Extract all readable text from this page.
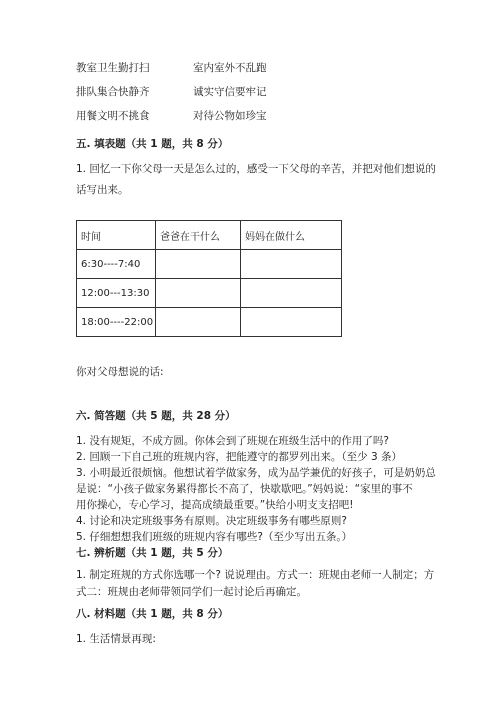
教室卫生勤打扫	室内室外不乱跑
排队集合快静齐	诚实守信要牢记
用餐文明不挑食	对待公物如珍宝
五. 填表题（共 1 题，共 8 分）
1. 回忆一下你父母一天是怎么过的，感受一下父母的辛苦，并把对他们想说的
话写出来。
时间	爸爸在干什么	妈妈在做什么
6:30----7:40		
12:00---13:30		
18:00----22:00		
你对父母想说的话:
六. 简答题（共 5 题，共 28 分）
1. 没有规矩，不成方圆。你体会到了班规在班级生活中的作用了吗?
2. 回顾一下自己班的班规内容，把能遵守的都罗列出来。（至少 3 条）
3. 小明最近很烦恼。他想试着学做家务，成为品学兼优的好孩子，可是奶奶总
是说：“小孩子做家务累得都长不高了，快歇歇吧。”妈妈说：“家里的事不
用你操心，专心学习，提高成绩最重要。”快给小明支支招吧!
4. 讨论和决定班级事务有原则。决定班级事务有哪些原则?
5. 仔细想想我们班级的班规内容有哪些?（至少写出五条。）
七. 辨析题（共 1 题，共 5 分）
1. 制定班规的方式你选哪一个? 说说理由。方式一：班规由老师一人制定；方
式二：班规由老师带领同学们一起讨论后再确定。
八. 材料题（共 1 题，共 8 分）
1. 生活情景再现:
